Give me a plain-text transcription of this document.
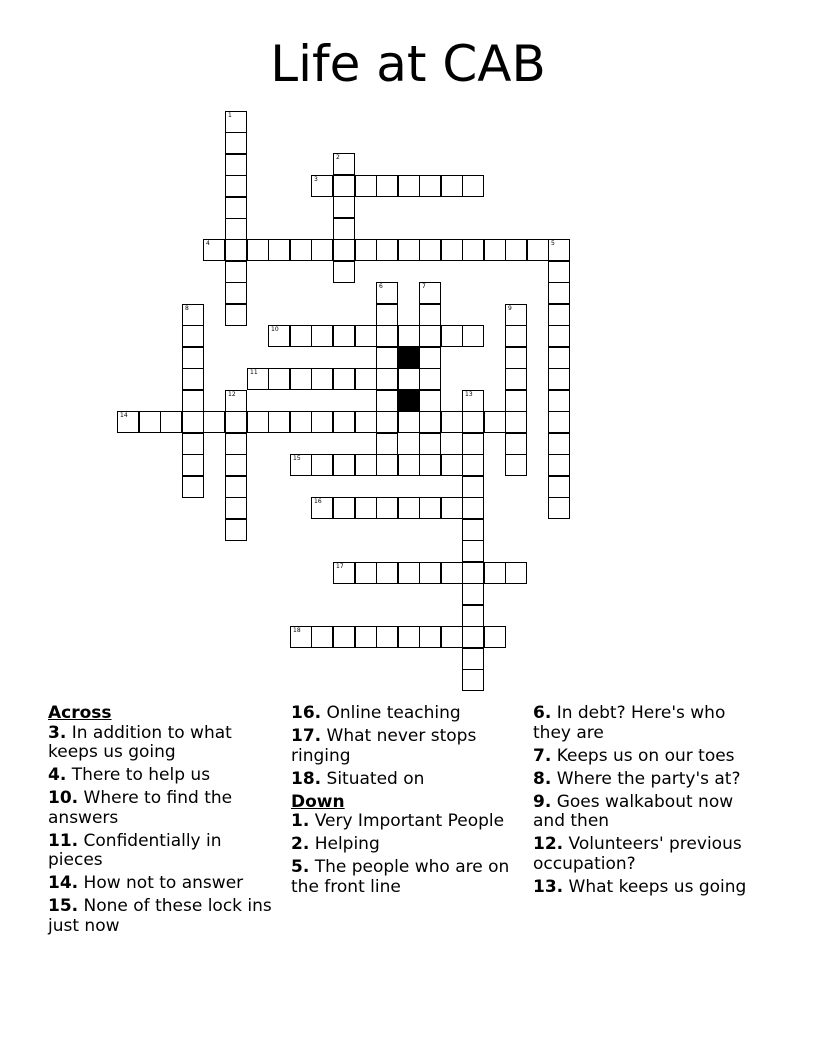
Life at CAB
1
2
3
4	5
6	7
8	9
10
11
12	13
14
15
16
17
18
Across
3. In addition to what keeps us going
4. There to help us
10. Where to find the answers
11. Confidentially in pieces
14. How not to answer
15. None of these lock ins just now
16. Online teaching
17. What never stops ringing
18. Situated on
Down
1. Very Important People
2. Helping
5. The people who are on the front line
6. In debt? Here's who they are
7. Keeps us on our toes
8. Where the party's at?
9. Goes walkabout now and then
12. Volunteers' previous occupation?
13. What keeps us going
